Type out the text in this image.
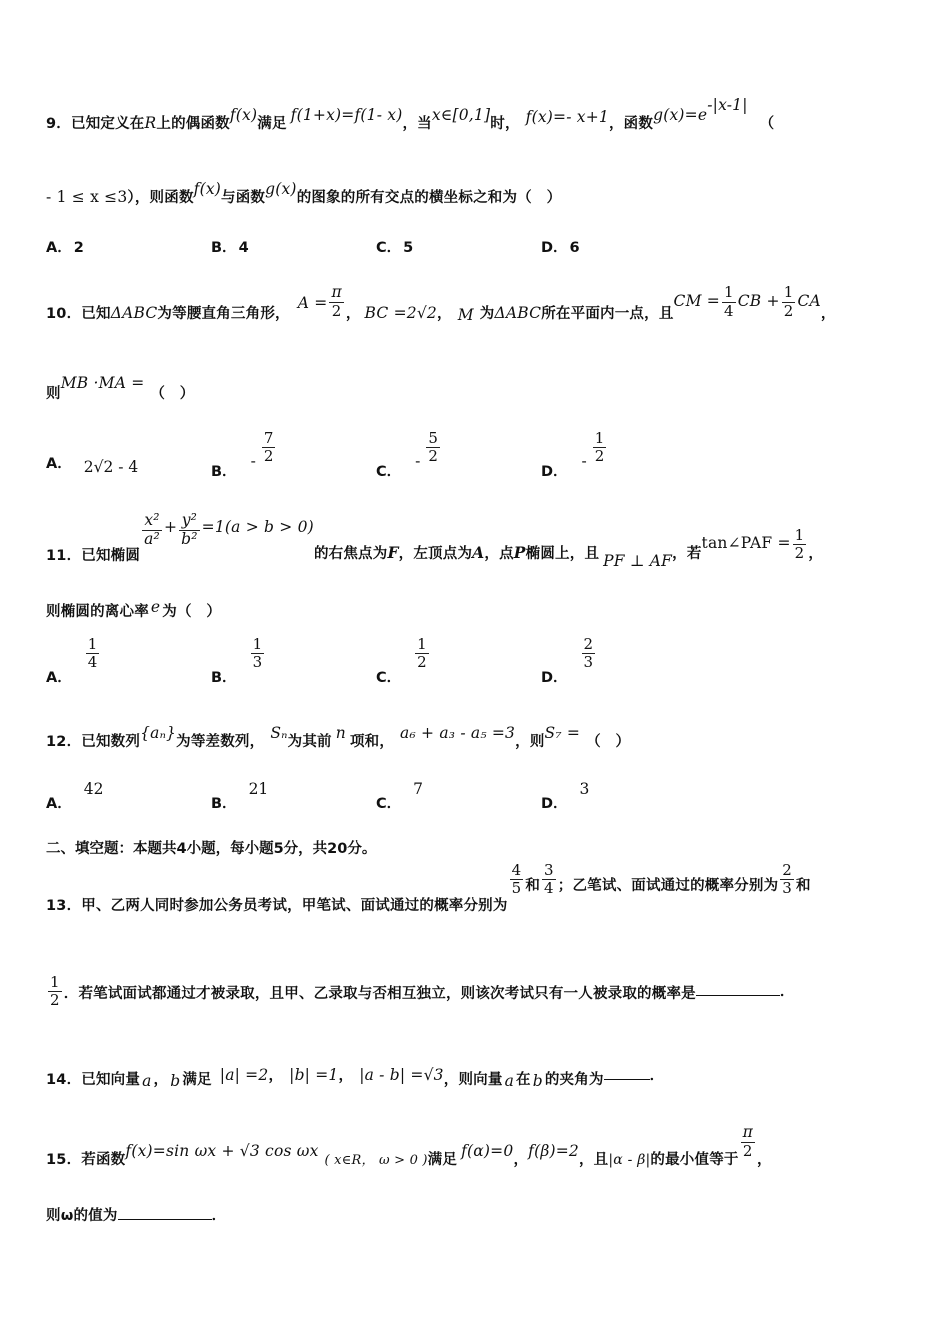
9．已知定义在R上的偶函数f(x)满足 f(1+x)=f(1- x)，当x∈[0,1]时， f(x)=- x+1，函数$g(x)=e^{-|x-1|}$（
- 1 ≤ x ≤3），则函数f(x)与函数g(x)的图象的所有交点的横坐标之和为（　）
A． 2	B． 4	C． 5	D． 6
10．已知ΔABC为等腰直角三角形，$A = \frac{\pi}{2}$ ， BC =2√2， M 为ΔABC所在平面内一点，且CM = $\frac{1}{4}$ CB + $\frac{1}{2}$ CA，
则MB ·MA =（　）
A． 2√2 - 4	B．- $\frac{7}{2}$
C．- $\frac{5}{2}$
D．- $\frac{1}{2}$
11．已知椭圆
$\frac{\text{x²}}{\text{a²}} + \frac{\text{y²}}{\text{b²}} =1(a > b > 0)$的右焦点为F，左顶点为A，点P椭圆上，且 PF ⊥ AF，若tan∠PAF = $\frac{1}{2}$ ，
则椭圆的离心率 e 为（　）
A．
$\frac{1}{4}$
B．
$\frac{1}{3}$
C．
$\frac{1}{2}$
D．
$\frac{2}{3}$
12．已知数列{aₙ}为等差数列， Sₙ为其前 n 项和， a₆ + a₃ - a₅ =3，则S₇ = （　）
A．42
B．21
C．7
D．3
二、填空题：本题共4小题，每小题5分，共20分。
13．甲、乙两人同时参加公务员考试，甲笔试、面试通过的概率分别为
$\frac{4}{5}$ 和 $\frac{3}{4}$ ；乙笔试、面试通过的概率分别为 $\frac{2}{3}$ 和
$\frac{1}{2}$ ．若笔试面试都通过才被录取，且甲、乙录取与否相互独立，则该次考试只有一人被录取的概率是	．
14．已知向量 a ， b 满足 |a| =2， |b| =1， |a - b| =√3，则向量 a 在 b 的夹角为	．
15．若函数f(x)=sin ωx + √3 cos ωx( x∈R， ω > 0 )满足 f(α)=0，f(β)=2，且|α - β|的最小值等于 $\frac{\pi}{2}$ ，
则ω的值为	．
